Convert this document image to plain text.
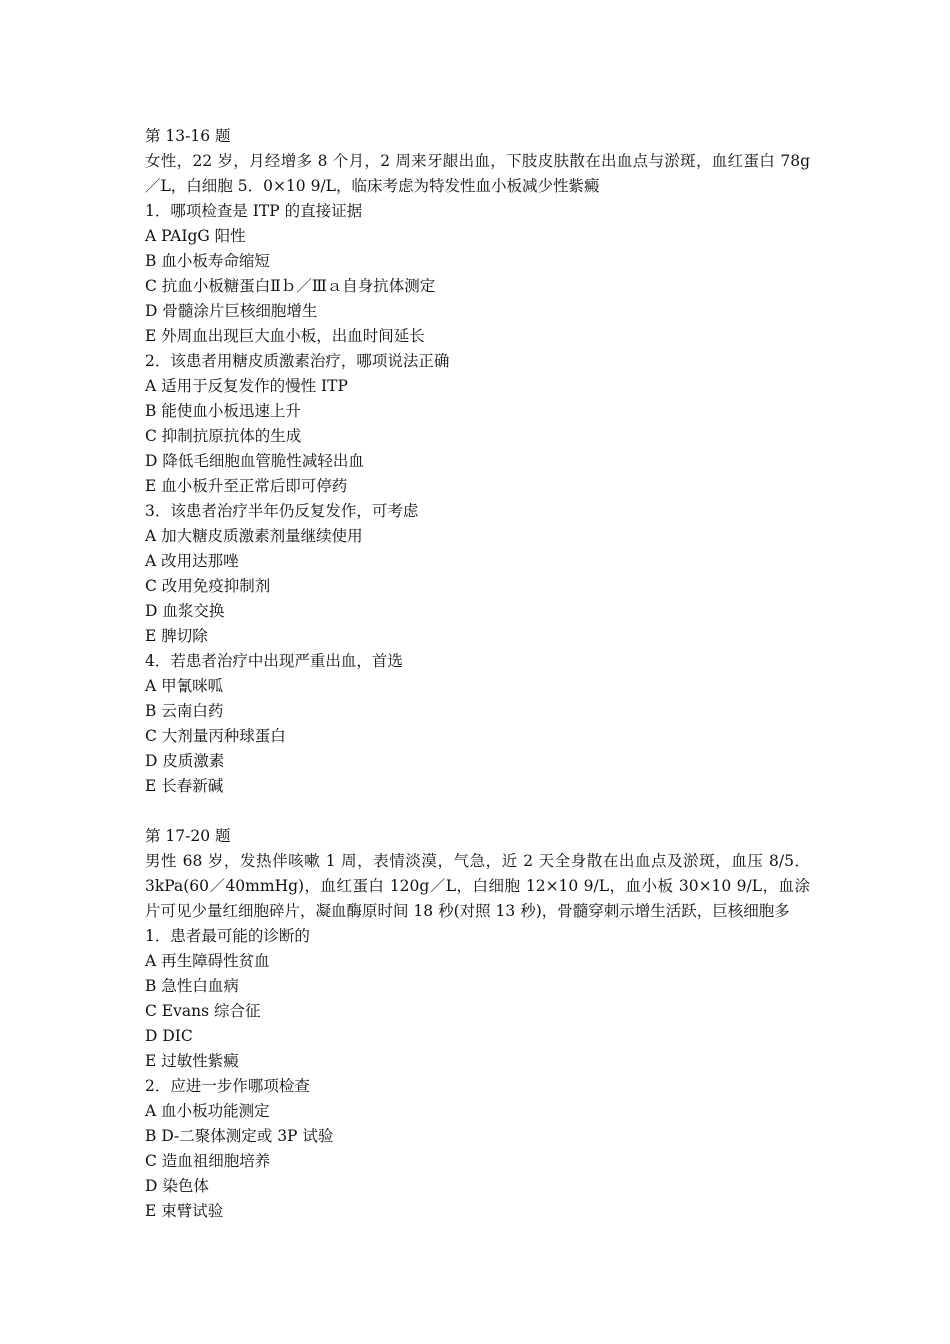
第 13-16 题

女性，22 岁，月经增多 8 个月，2 周来牙龈出血，下肢皮肤散在出血点与淤斑，血红蛋白 78g／L，白细胞 5．0×10 9/L，临床考虑为特发性血小板减少性紫癜

1．哪项检查是 ITP 的直接证据

A PAIgG 阳性

B 血小板寿命缩短

C 抗血小板糖蛋白Ⅱｂ／Ⅲａ自身抗体测定

D 骨髓涂片巨核细胞增生

E 外周血出现巨大血小板，出血时间延长

2．该患者用糖皮质激素治疗，哪项说法正确

A 适用于反复发作的慢性 ITP

B 能使血小板迅速上升

C 抑制抗原抗体的生成

D 降低毛细胞血管脆性减轻出血

E 血小板升至正常后即可停药

3．该患者治疗半年仍反复发作，可考虑

A 加大糖皮质激素剂量继续使用

A 改用达那唑

C 改用免疫抑制剂

D 血浆交换

E 脾切除

4．若患者治疗中出现严重出血，首选

A 甲氰咪呱

B 云南白药

C 大剂量丙种球蛋白

D 皮质激素

E 长春新碱

第 17-20 题

男性 68 岁，发热伴咳嗽 1 周，表情淡漠，气急，近 2 天全身散在出血点及淤斑，血压 8/5．3kPa(60／40mmHg)，血红蛋白 120g／L，白细胞 12×10 9/L，血小板 30×10 9/L，血涂片可见少量红细胞碎片，凝血酶原时间 18 秒(对照 13 秒)，骨髓穿刺示增生活跃，巨核细胞多

1．患者最可能的诊断的

A 再生障碍性贫血

B 急性白血病

C Evans 综合征

D DIC

E 过敏性紫癜

2．应进一步作哪项检查

A 血小板功能测定

B D-二聚体测定或 3P 试验

C 造血祖细胞培养

D 染色体

E 束臂试验
